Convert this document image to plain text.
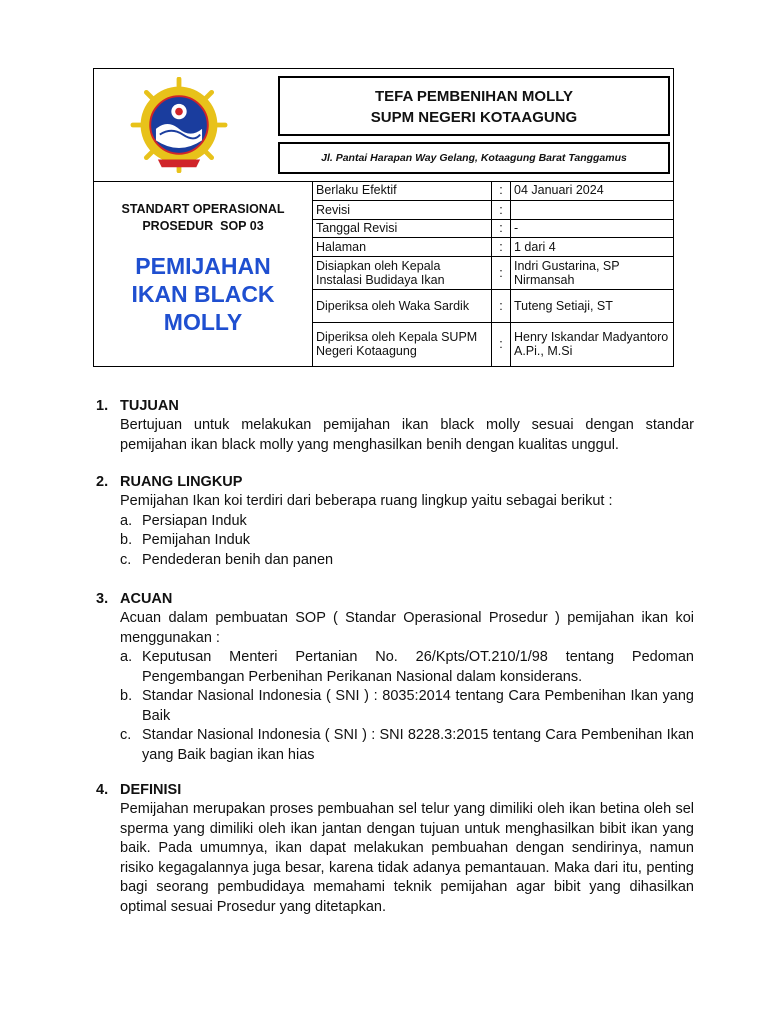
TEFA PEMBENIHAN MOLLY
SUPM NEGERI KOTAAGUNG
Jl. Pantai Harapan Way Gelang, Kotaagung Barat Tanggamus
STANDART OPERASIONAL
PROSEDUR  SOP 03
PEMIJAHAN
IKAN BLACK
MOLLY
Berlaku Efektif	:	04 Januari 2024
Revisi	:	
Tanggal Revisi	:	-
Halaman	:	1 dari 4
Disiapkan oleh Kepala Instalasi Budidaya Ikan	:	Indri Gustarina, SP Nirmansah
Diperiksa oleh Waka Sardik	:	Tuteng Setiaji, ST
Diperiksa oleh Kepala SUPM Negeri Kotaagung	:	Henry Iskandar Madyantoro A.Pi., M.Si
1. TUJUAN
Bertujuan untuk melakukan pemijahan ikan black molly sesuai dengan standar pemijahan ikan black molly yang menghasilkan benih dengan kualitas unggul.
2. RUANG LINGKUP
Pemijahan Ikan koi terdiri dari beberapa ruang lingkup yaitu sebagai berikut :
a. Persiapan Induk
b. Pemijahan Induk
c. Pendederan benih dan panen
3. ACUAN
Acuan dalam pembuatan SOP ( Standar Operasional Prosedur ) pemijahan ikan koi menggunakan :
a. Keputusan Menteri Pertanian No. 26/Kpts/OT.210/1/98 tentang Pedoman Pengembangan Perbenihan Perikanan Nasional dalam konsiderans.
b. Standar Nasional Indonesia ( SNI ) : 8035:2014 tentang Cara Pembenihan Ikan yang Baik
c. Standar Nasional Indonesia ( SNI ) : SNI 8228.3:2015 tentang Cara Pembenihan Ikan yang Baik bagian ikan hias
4. DEFINISI
Pemijahan merupakan proses pembuahan sel telur yang dimiliki oleh ikan betina oleh sel sperma yang dimiliki oleh ikan jantan dengan tujuan untuk menghasilkan bibit ikan yang baik. Pada umumnya, ikan dapat melakukan pembuahan dengan sendirinya, namun risiko kegagalannya juga besar, karena tidak adanya pemantauan. Maka dari itu, penting bagi seorang pembudidaya memahami teknik pemijahan agar bibit yang dihasilkan optimal sesuai Prosedur yang ditetapkan.
